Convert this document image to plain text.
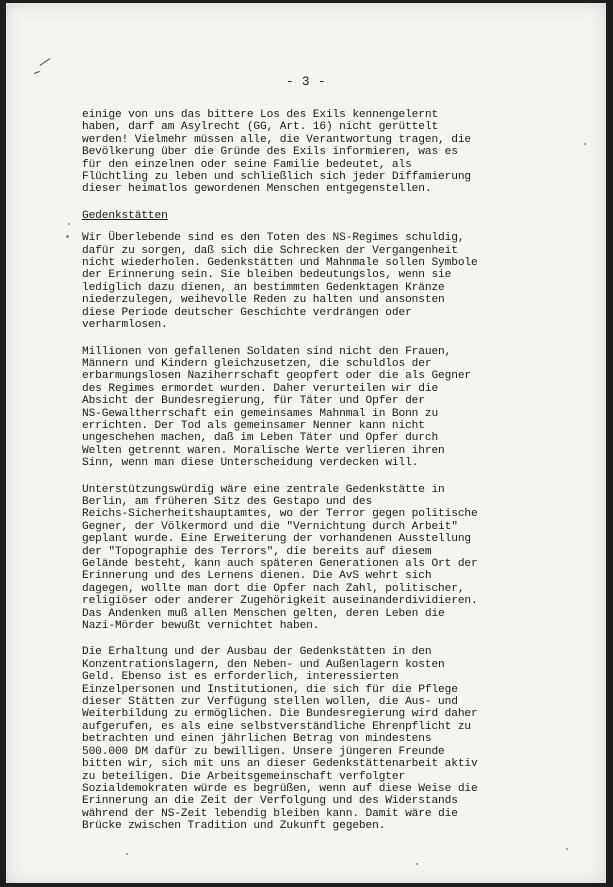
- 3 -

einige von uns das bittere Los des Exils kennengelernt
haben, darf am Asylrecht (GG, Art. 16) nicht gerüttelt
werden! Vielmehr müssen alle, die Verantwortung tragen, die
Bevölkerung über die Gründe des Exils informieren, was es
für den einzelnen oder seine Familie bedeutet, als
Flüchtling zu leben und schließlich sich jeder Diffamierung
dieser heimatlos gewordenen Menschen entgegenstellen.

Gedenkstätten

Wir Überlebende sind es den Toten des NS-Regimes schuldig,
dafür zu sorgen, daß sich die Schrecken der Vergangenheit
nicht wiederholen. Gedenkstätten und Mahnmale sollen Symbole
der Erinnerung sein. Sie bleiben bedeutungslos, wenn sie
lediglich dazu dienen, an bestimmten Gedenktagen Kränze
niederzulegen, weihevolle Reden zu halten und ansonsten
diese Periode deutscher Geschichte verdrängen oder
verharmlosen.

Millionen von gefallenen Soldaten sind nicht den Frauen,
Männern und Kindern gleichzusetzen, die schuldlos der
erbarmungslosen Naziherrschaft geopfert oder die als Gegner
des Regimes ermordet wurden. Daher verurteilen wir die
Absicht der Bundesregierung, für Täter und Opfer der
NS-Gewaltherrschaft ein gemeinsames Mahnmal in Bonn zu
errichten. Der Tod als gemeinsamer Nenner kann nicht
ungeschehen machen, daß im Leben Täter und Opfer durch
Welten getrennt waren. Moralische Werte verlieren ihren
Sinn, wenn man diese Unterscheidung verdecken will.

Unterstützungswürdig wäre eine zentrale Gedenkstätte in
Berlin, am früheren Sitz des Gestapo und des
Reichs-Sicherheitshauptamtes, wo der Terror gegen politische
Gegner, der Völkermord und die "Vernichtung durch Arbeit"
geplant wurde. Eine Erweiterung der vorhandenen Ausstellung
der "Topographie des Terrors", die bereits auf diesem
Gelände besteht, kann auch späteren Generationen als Ort der
Erinnerung und des Lernens dienen. Die AvS wehrt sich
dagegen, wollte man dort die Opfer nach Zahl, politischer,
religiöser oder anderer Zugehörigkeit auseinanderdividieren.
Das Andenken muß allen Menschen gelten, deren Leben die
Nazi-Mörder bewußt vernichtet haben.

Die Erhaltung und der Ausbau der Gedenkstätten in den
Konzentrationslagern, den Neben- und Außenlagern kosten
Geld. Ebenso ist es erforderlich, interessierten
Einzelpersonen und Institutionen, die sich für die Pflege
dieser Stätten zur Verfügung stellen wollen, die Aus- und
Weiterbildung zu ermöglichen. Die Bundesregierung wird daher
aufgerufen, es als eine selbstverständliche Ehrenpflicht zu
betrachten und einen jährlichen Betrag von mindestens
500.000 DM dafür zu bewilligen. Unsere jüngeren Freunde
bitten wir, sich mit uns an dieser Gedenkstättenarbeit aktiv
zu beteiligen. Die Arbeitsgemeinschaft verfolgter
Sozialdemokraten würde es begrüßen, wenn auf diese Weise die
Erinnerung an die Zeit der Verfolgung und des Widerstands
während der NS-Zeit lebendig bleiben kann. Damit wäre die
Brücke zwischen Tradition und Zukunft gegeben.
